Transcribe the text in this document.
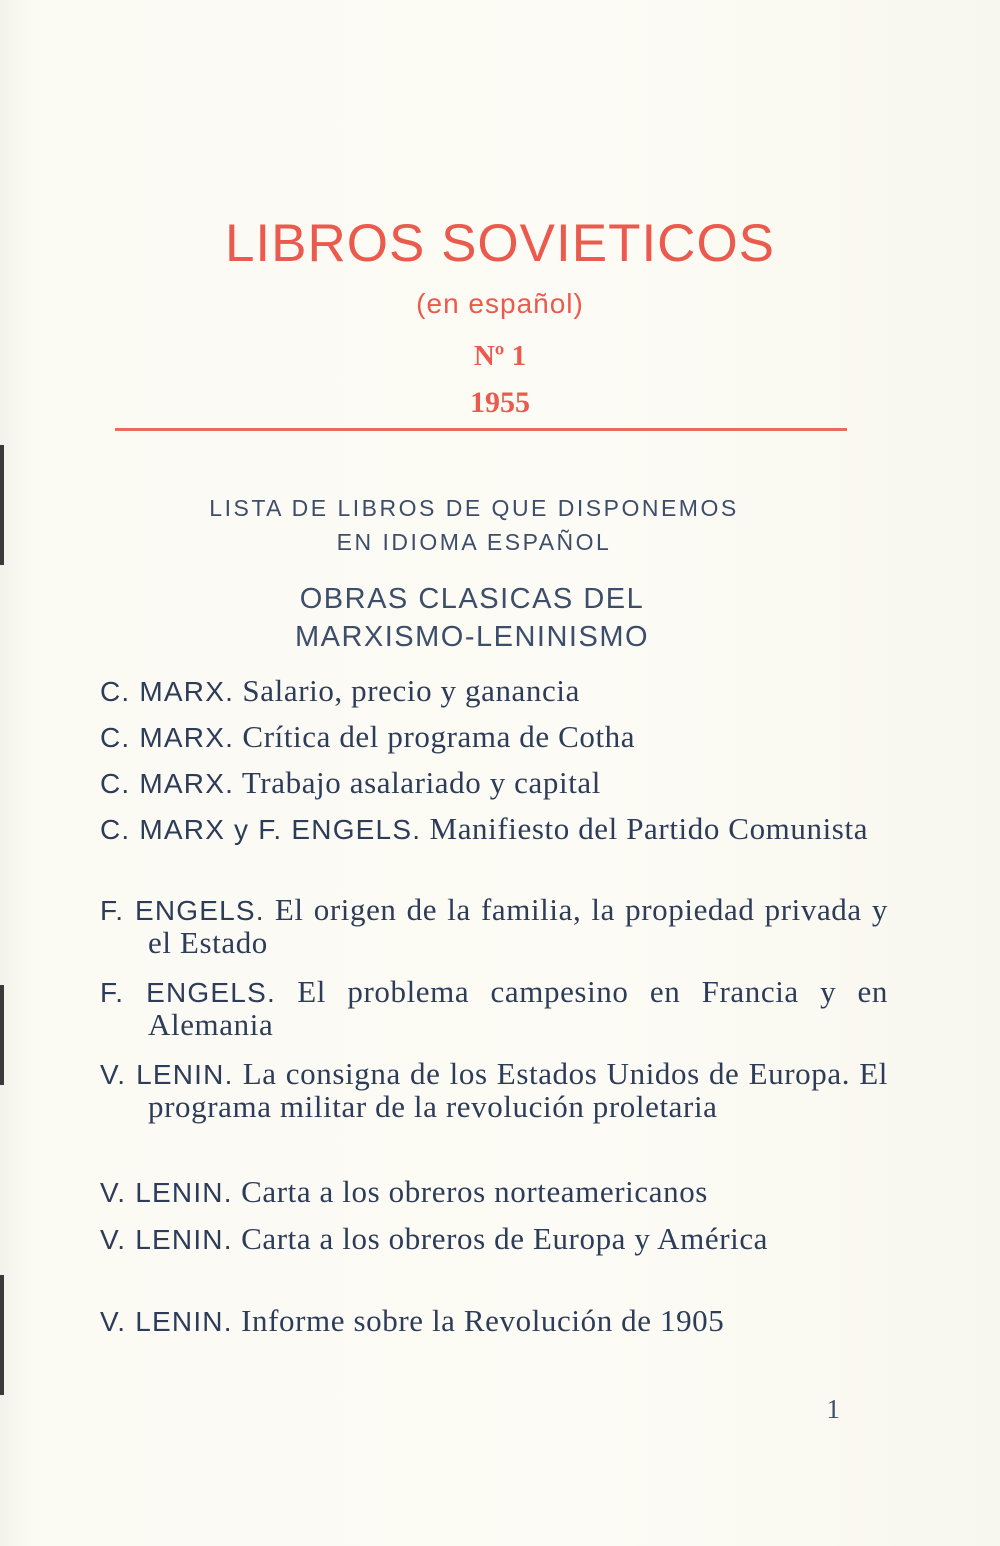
LIBROS SOVIETICOS
(en español)
Nº 1
1955
LISTA DE LIBROS DE QUE DISPONEMOS
EN IDIOMA ESPAÑOL
OBRAS CLASICAS DEL
MARXISMO-LENINISMO
C. MARX. Salario, precio y ganancia
C. MARX. Crítica del programa de Cotha
C. MARX. Trabajo asalariado y capital
C. MARX y F. ENGELS. Manifiesto del Partido Comunista
F. ENGELS. El origen de la familia, la propiedad privada y el Estado
F. ENGELS. El problema campesino en Francia y en Alemania
V. LENIN. La consigna de los Estados Unidos de Europa. El programa militar de la revolución proletaria
V. LENIN. Carta a los obreros norteamericanos
V. LENIN. Carta a los obreros de Europa y América
V. LENIN. Informe sobre la Revolución de 1905
1
